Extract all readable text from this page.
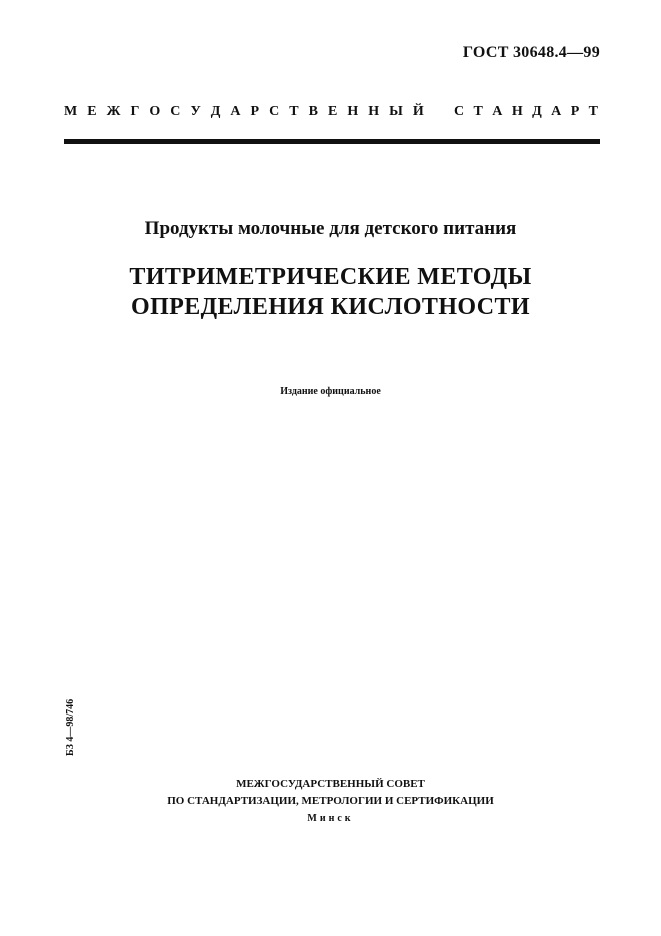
ГОСТ 30648.4—99
М Е Ж Г О С У Д А Р С Т В Е Н Н Ы Й С Т А Н Д А Р Т
Продукты молочные для детского питания
ТИТРИМЕТРИЧЕСКИЕ МЕТОДЫ
ОПРЕДЕЛЕНИЯ КИСЛОТНОСТИ
Издание официальное
БЗ 4—98/746
МЕЖГОСУДАРСТВЕННЫЙ СОВЕТ
ПО СТАНДАРТИЗАЦИИ, МЕТРОЛОГИИ И СЕРТИФИКАЦИИ
Минск
